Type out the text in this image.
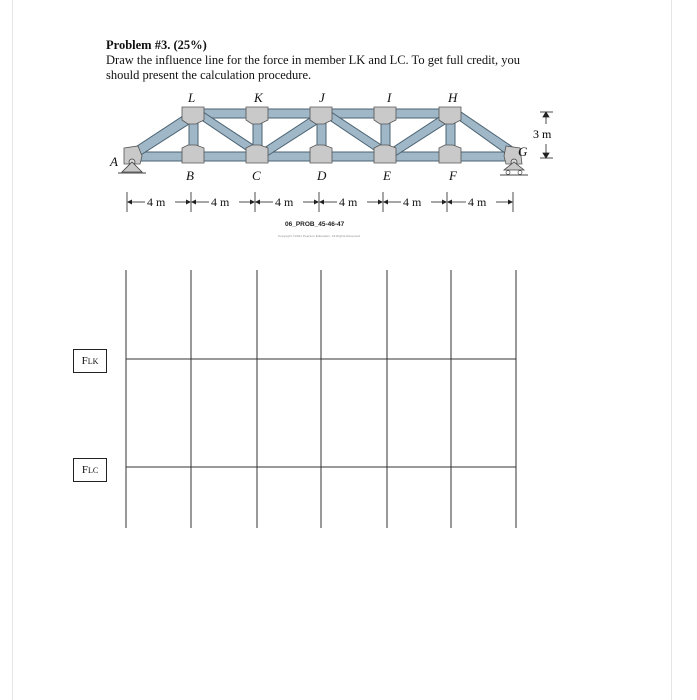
Problem #3. (25%)
Draw the influence line for the force in member LK and LC. To get full credit, you
should present the calculation procedure.
L	K	J	I	H
B	C	D	E	F
A
G
3 m
4 m	4 m	4 m	4 m	4 m	4 m
06_PROB_45-46-47
Copyright ©2021 Pearson Education, All Rights Reserved
F LK
F LC
